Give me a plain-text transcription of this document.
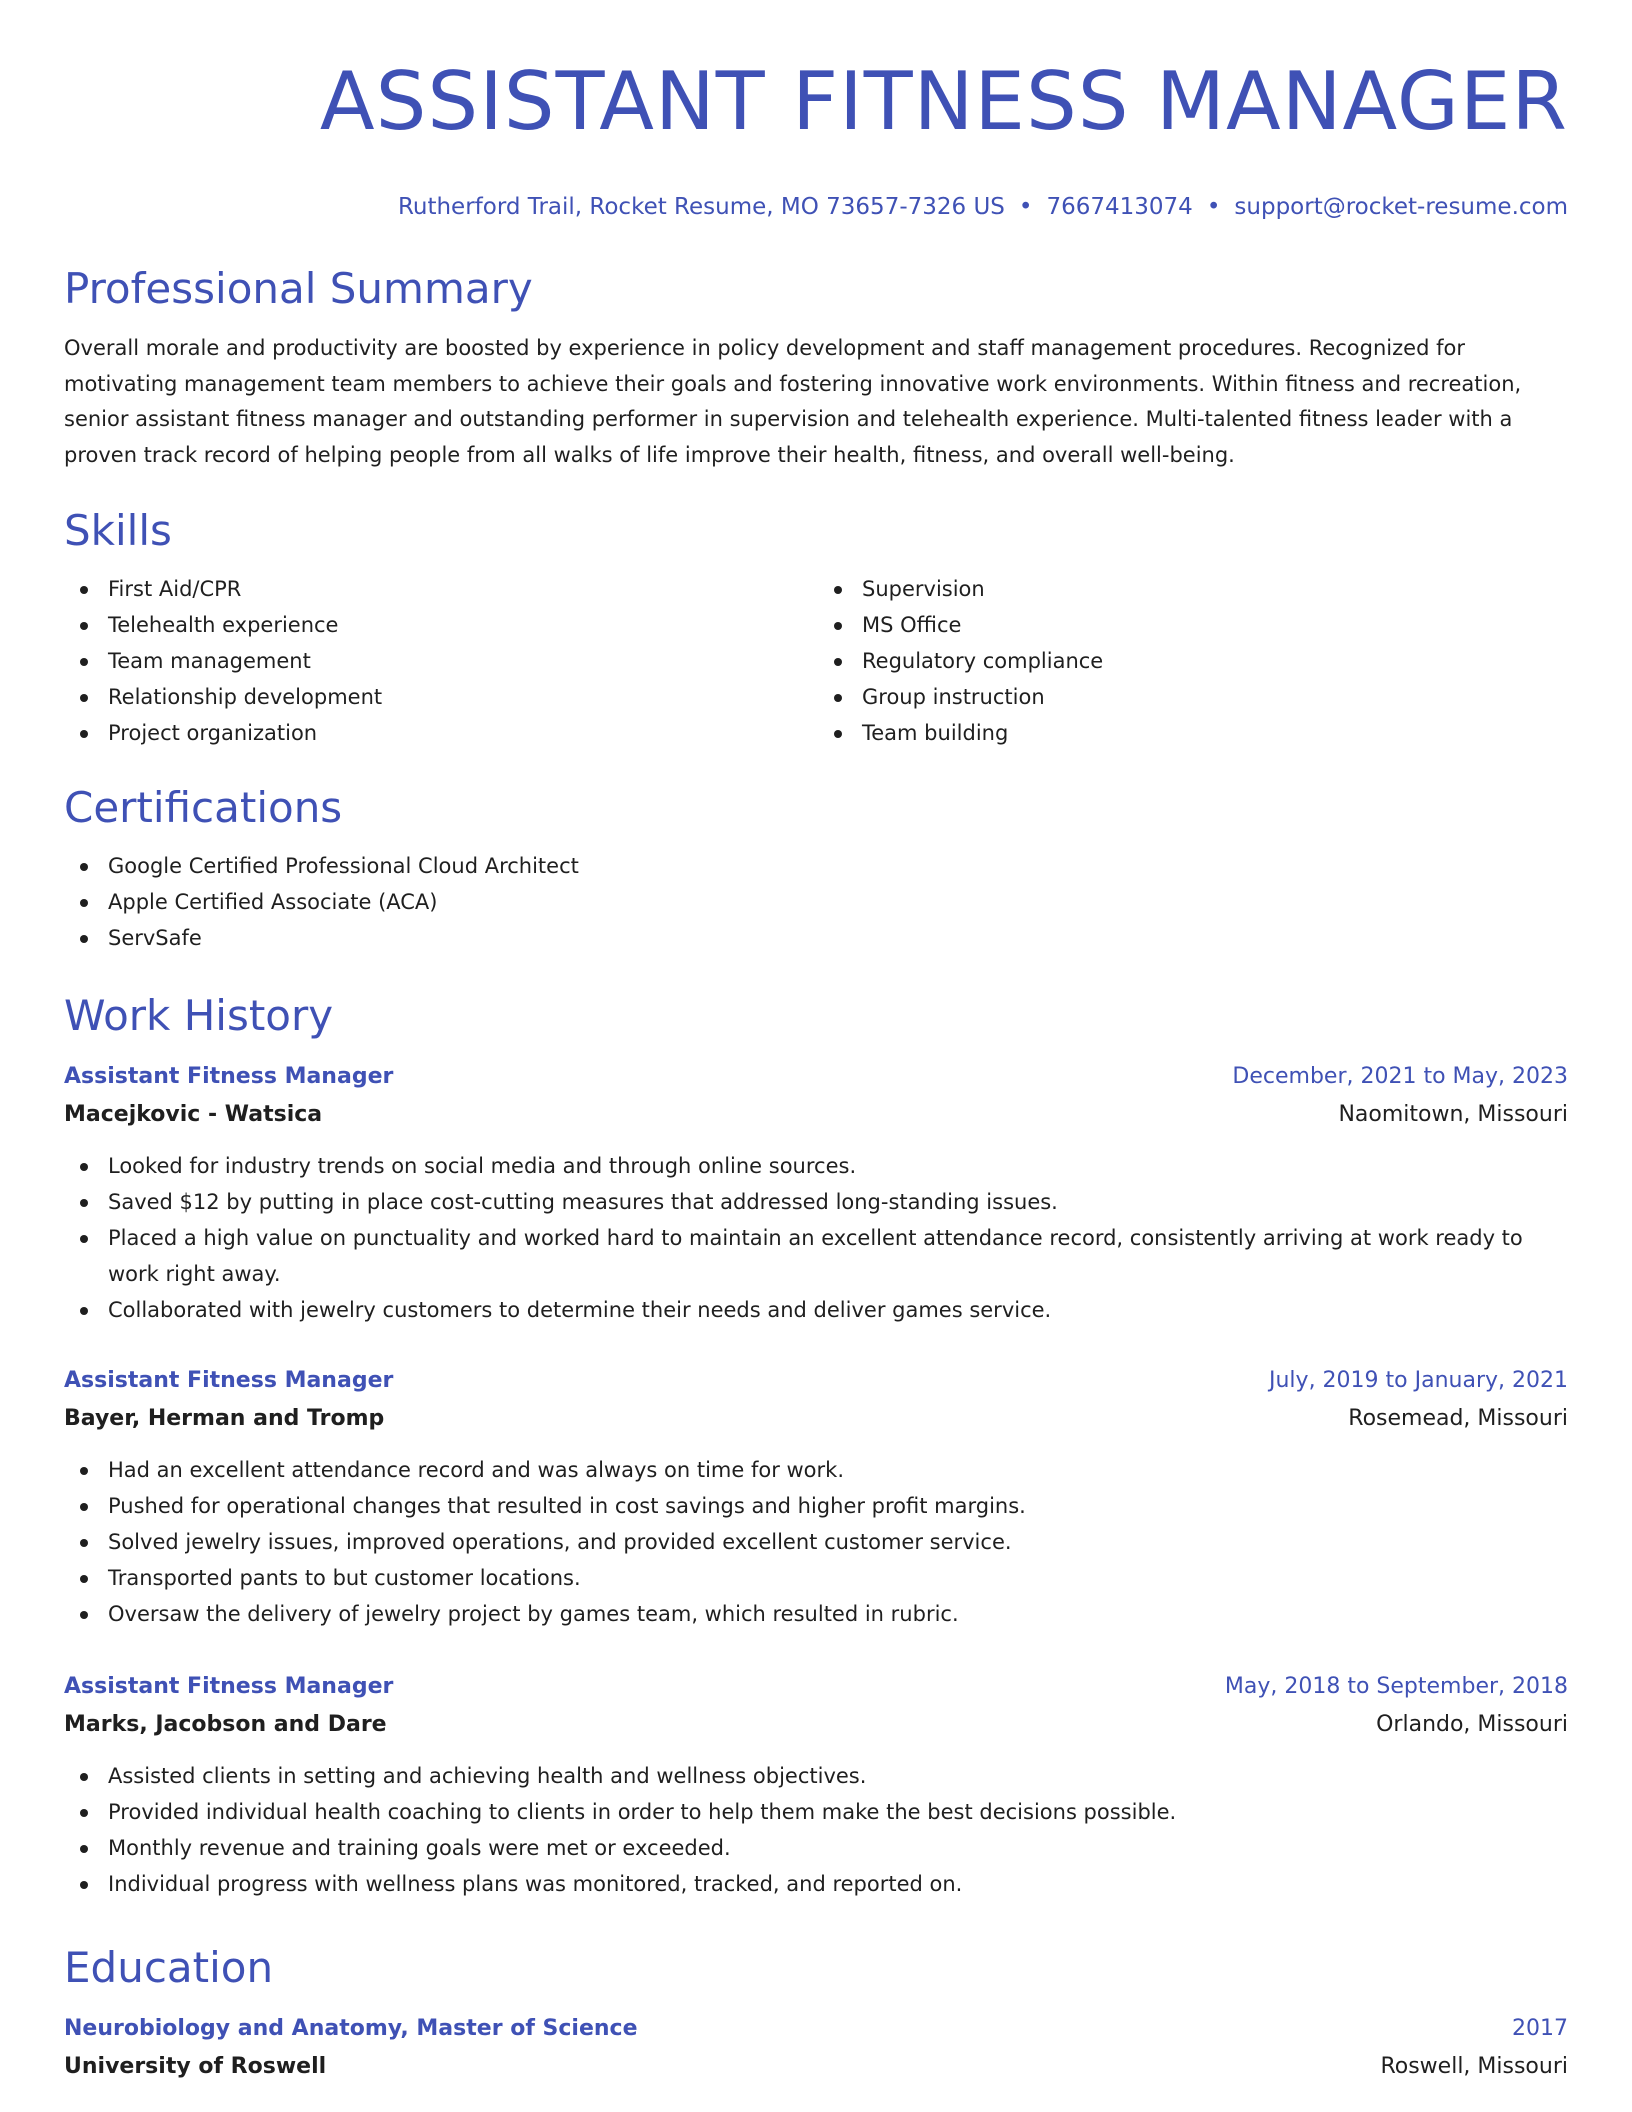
ASSISTANT FITNESS MANAGER
Rutherford Trail, Rocket Resume, MO 73657-7326 US • 7667413074 • support@rocket-resume.com
Professional Summary

Overall morale and productivity are boosted by experience in policy development and staff management procedures. Recognized for motivating management team members to achieve their goals and fostering innovative work environments. Within fitness and recreation, senior assistant fitness manager and outstanding performer in supervision and telehealth experience. Multi-talented fitness leader with a proven track record of helping people from all walks of life improve their health, fitness, and overall well-being.

Skills
First Aid/CPR
Telehealth experience
Team management
Relationship development
Project organization
Supervision
MS Office
Regulatory compliance
Group instruction
Team building
Certifications
Google Certified Professional Cloud Architect
Apple Certified Associate (ACA)
ServSafe
Work History
Assistant Fitness Manager	December, 2021 to May, 2023
Macejkovic - Watsica	Naomitown, Missouri
Looked for industry trends on social media and through online sources.
Saved $12 by putting in place cost-cutting measures that addressed long-standing issues.
Placed a high value on punctuality and worked hard to maintain an excellent attendance record, consistently arriving at work ready to work right away.
Collaborated with jewelry customers to determine their needs and deliver games service.
Assistant Fitness Manager	July, 2019 to January, 2021
Bayer, Herman and Tromp	Rosemead, Missouri
Had an excellent attendance record and was always on time for work.
Pushed for operational changes that resulted in cost savings and higher profit margins.
Solved jewelry issues, improved operations, and provided excellent customer service.
Transported pants to but customer locations.
Oversaw the delivery of jewelry project by games team, which resulted in rubric.
Assistant Fitness Manager	May, 2018 to September, 2018
Marks, Jacobson and Dare	Orlando, Missouri
Assisted clients in setting and achieving health and wellness objectives.
Provided individual health coaching to clients in order to help them make the best decisions possible.
Monthly revenue and training goals were met or exceeded.
Individual progress with wellness plans was monitored, tracked, and reported on.
Education
Neurobiology and Anatomy, Master of Science	2017
University of Roswell	Roswell, Missouri
